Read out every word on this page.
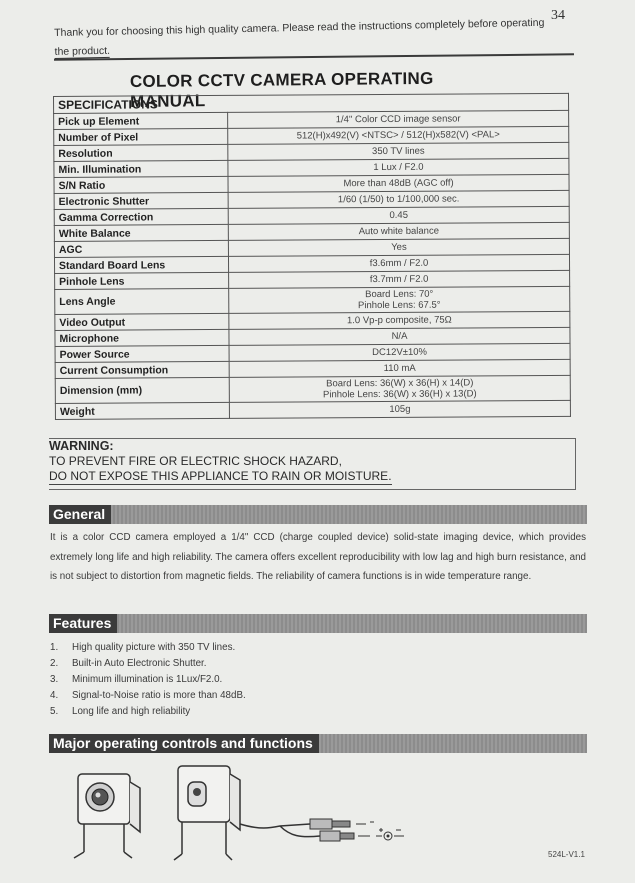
34
Thank you for choosing this high quality camera. Please read the instructions completely before operating
the product.
COLOR CCTV CAMERA OPERATING MANUAL
SPECIFICATIONS	
Pick up Element	1/4" Color CCD image sensor

Number of Pixel	512(H)x492(V) <NTSC> / 512(H)x582(V) <PAL>

Resolution	350 TV lines

Min. Illumination	1 Lux / F2.0

S/N Ratio	More than 48dB (AGC off)

Electronic Shutter	1/60 (1/50) to 1/100,000 sec.

Gamma Correction	0.45

White Balance	Auto white balance

AGC	Yes

Standard Board Lens	f3.6mm / F2.0

Pinhole Lens	f3.7mm / F2.0

Lens Angle	Board Lens: 70°
Pinhole Lens: 67.5°

Video Output	1.0 Vp-p composite, 75Ω

Microphone	N/A

Power Source	DC12V±10%

Current Consumption	110 mA

Dimension (mm)	Board Lens: 36(W) x 36(H) x 14(D)
Pinhole Lens: 36(W) x 36(H) x 13(D)

Weight	105g
WARNING:
TO PREVENT FIRE OR ELECTRIC SHOCK HAZARD,
DO NOT EXPOSE THIS APPLIANCE TO RAIN OR MOISTURE.
General
It is a color CCD camera employed a 1/4" CCD (charge coupled device) solid-state imaging device, which provides extremely long life and high reliability. The camera offers excellent reproducibility with low lag and high burn resistance, and is not subject to distortion from magnetic fields. The reliability of camera functions is in wide temperature range.
Features
1. High quality picture with 350 TV lines.
2. Built-in Auto Electronic Shutter.
3. Minimum illumination is 1Lux/F2.0.
4. Signal-to-Noise ratio is more than 48dB.
5. Long life and high reliability
Major operating controls and functions
524L-V1.1
